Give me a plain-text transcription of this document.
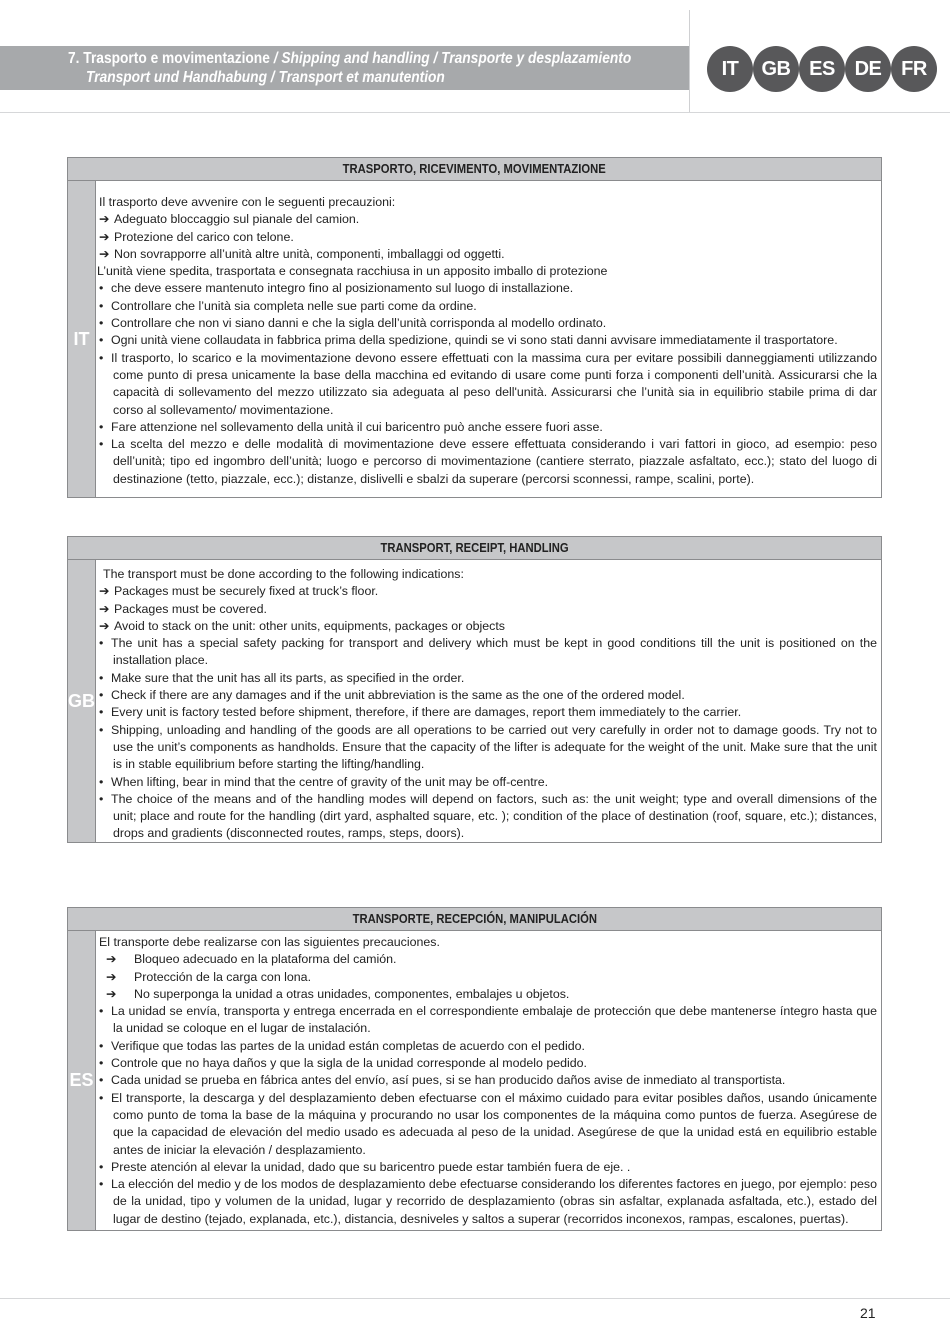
7. Trasporto e movimentazione / Shipping and handling / Transporte y desplazamiento
Transport und Handhabung / Transport et manutention	IT	GB ES DE FR
TRASPORTO, RICEVIMENTO, MOVIMENTAZIONE
IT
Il trasporto deve avvenire con le seguenti precauzioni:
➔ Adeguato bloccaggio sul pianale del camion.
➔ Protezione del carico con telone.
➔ Non sovrapporre all’unità altre unità, componenti, imballaggi od oggetti.
•L’unità viene spedita, trasportata e consegnata racchiusa in un apposito imballo di protezione che deve essere mantenuto integro fino al posizionamento sul luogo di installazione.
• Controllare che l’unità sia completa nelle sue parti come da ordine.
• Controllare che non vi siano danni e che la sigla dell’unità corrisponda al modello ordinato.
• Ogni unità viene collaudata in fabbrica prima della spedizione, quindi se vi sono stati danni avvisare immediatamente il trasportatore.
• Il trasporto, lo scarico e la movimentazione devono essere effettuati con la massima cura per evitare possibili danneggiamenti utilizzando come punto di presa unicamente la base della macchina ed evitando di usare come punti forza i componenti dell’unità. Assicurarsi che la capacità di sollevamento del mezzo utilizzato sia adeguata al peso dell'unità. Assicurarsi che l’unità sia in equilibrio stabile prima di dar corso al sollevamento/ movimentazione.
• Fare attenzione nel sollevamento della unità il cui baricentro può anche essere fuori asse.
• La scelta del mezzo e delle modalità di movimentazione deve essere effettuata considerando i vari fattori in gioco, ad esempio: peso dell’unità; tipo ed ingombro dell’unità; luogo e percorso di movimentazione (cantiere sterrato, piazzale asfaltato, ecc.); stato del luogo di destinazione (tetto, piazzale, ecc.); distanze, dislivelli e sbalzi da superare (percorsi sconnessi, rampe, scalini, porte).
TRANSPORT, RECEIPT, HANDLING
GB
The transport must be done according to the following indications:
➔ Packages must be securely fixed at truck’s floor.
➔ Packages must be covered.
➔ Avoid to stack on the unit: other units, equipments, packages or objects
• The unit has a special safety packing for transport and delivery which must be kept in good conditions till the unit is positioned on the installation place.
• Make sure that the unit has all its parts, as specified in the order.
• Check if there are any damages and if the unit abbreviation is the same as the one of the ordered model.
• Every unit is factory tested before shipment, therefore, if there are damages, report them immediately to the carrier.
• Shipping, unloading and handling of the goods are all operations to be carried out very carefully in order not to damage goods. Try not to use the unit’s components as handholds. Ensure that the capacity of the lifter is adequate for the weight of the unit. Make sure that the unit is in stable equilibrium before starting the lifting/handling.
• When lifting, bear in mind that the centre of gravity of the unit may be off-centre.
• The choice of the means and of the handling modes will depend on factors, such as: the unit weight; type and overall dimensions of the unit; place and route for the handling (dirt yard, asphalted square, etc. ); condition of the place of destination (roof, square, etc.); distances, drops and gradients (disconnected routes, ramps, steps, doors).
TRANSPORTE, RECEPCIÓN, MANIPULACIÓN
ES
El transporte debe realizarse con las siguientes precauciones.
➔ Bloqueo adecuado en la plataforma del camión.
➔ Protección de la carga con lona.
➔ No superponga la unidad a otras unidades, componentes, embalajes u objetos.
• La unidad se envía, transporta y entrega encerrada en el correspondiente embalaje de protección que debe mantenerse íntegro hasta que la unidad se coloque en el lugar de instalación.
• Verifique que todas las partes de la unidad están completas de acuerdo con el pedido.
• Controle que no haya daños y que la sigla de la unidad corresponde al modelo pedido.
• Cada unidad se prueba en fábrica antes del envío, así pues, si se han producido daños avise de inmediato al transportista.
• El transporte, la descarga y del desplazamiento deben efectuarse con el máximo cuidado para evitar posibles daños, usando únicamente como punto de toma la base de la máquina y procurando no usar los componentes de la máquina como puntos de fuerza. Asegúrese de que la capacidad de elevación del medio usado es adecuada al peso de la unidad. Asegúrese de que la unidad está en equilibrio estable antes de iniciar la elevación / desplazamiento.
• Preste atención al elevar la unidad, dado que su baricentro puede estar también fuera de eje. .
• La elección del medio y de los modos de desplazamiento debe efectuarse considerando los diferentes factores en juego, por ejemplo: peso de la unidad, tipo y volumen de la unidad, lugar y recorrido de desplazamiento (obras sin asfaltar, explanada asfaltada, etc.), estado del lugar de destino (tejado, explanada, etc.), distancia, desniveles y saltos a superar (recorridos inconexos, rampas, escalones, puertas).
21
